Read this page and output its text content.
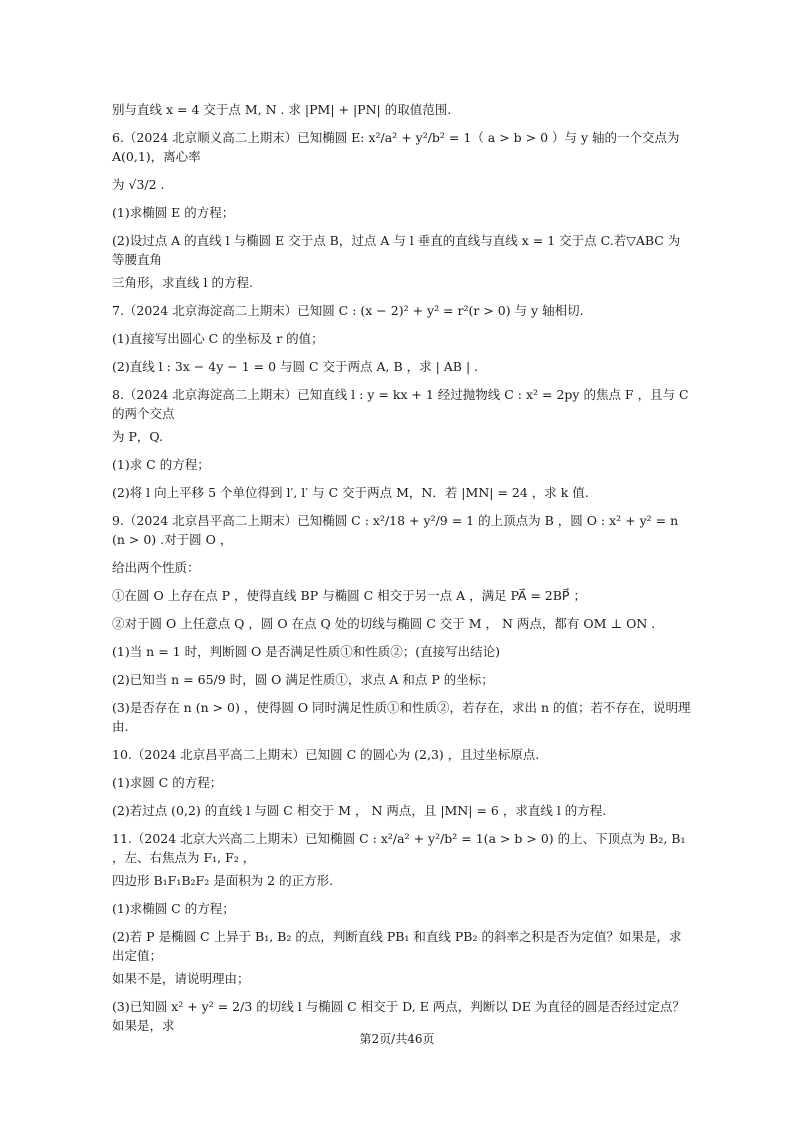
别与直线 x = 4 交于点 M, N . 求 |PM| + |PN| 的取值范围.

6.（2024 北京顺义高二上期末）已知椭圆 E: x²/a² + y²/b² = 1（ a > b > 0 ）与 y 轴的一个交点为 A(0,1)，离心率

为 √3/2 .

(1)求椭圆 E 的方程；

(2)设过点 A 的直线 l 与椭圆 E 交于点 B，过点 A 与 l 垂直的直线与直线 x = 1 交于点 C.若▽ABC 为等腰直角

三角形，求直线 l 的方程.

7.（2024 北京海淀高二上期末）已知圆 C : (x − 2)² + y² = r²(r > 0) 与 y 轴相切.

(1)直接写出圆心 C 的坐标及 r 的值；

(2)直线 l : 3x − 4y − 1 = 0 与圆 C 交于两点 A, B ，求 | AB | .

8.（2024 北京海淀高二上期末）已知直线 l : y = kx + 1 经过抛物线 C : x² = 2py 的焦点 F ，且与 C 的两个交点

为 P，Q.

(1)求 C 的方程；

(2)将 l 向上平移 5 个单位得到 l′, l′ 与 C 交于两点 M，N．若 |MN| = 24 ，求 k 值.

9.（2024 北京昌平高二上期末）已知椭圆 C : x²/18 + y²/9 = 1 的上顶点为 B ，圆 O : x² + y² = n (n > 0) .对于圆 O ，

给出两个性质：

①在圆 O 上存在点 P ，使得直线 BP 与椭圆 C 相交于另一点 A ，满足 PA⃗ = 2BP⃗ ；

②对于圆 O 上任意点 Q ，圆 O 在点 Q 处的切线与椭圆 C 交于 M ， N 两点，都有 OM ⊥ ON .

(1)当 n = 1 时，判断圆 O 是否满足性质①和性质②；(直接写出结论)

(2)已知当 n = 65/9 时，圆 O 满足性质①，求点 A 和点 P 的坐标；

(3)是否存在 n (n > 0) ，使得圆 O 同时满足性质①和性质②，若存在，求出 n 的值；若不存在，说明理由.

10.（2024 北京昌平高二上期末）已知圆 C 的圆心为 (2,3) ，且过坐标原点.

(1)求圆 C 的方程；

(2)若过点 (0,2) 的直线 l 与圆 C 相交于 M ， N 两点，且 |MN| = 6 ，求直线 l 的方程.

11.（2024 北京大兴高二上期末）已知椭圆 C : x²/a² + y²/b² = 1(a > b > 0) 的上、下顶点为 B₂, B₁ ，左、右焦点为 F₁, F₂ ，

四边形 B₁F₁B₂F₂ 是面积为 2 的正方形.

(1)求椭圆 C 的方程；

(2)若 P 是椭圆 C 上异于 B₁, B₂ 的点，判断直线 PB₁ 和直线 PB₂ 的斜率之积是否为定值？如果是，求出定值；

如果不是，请说明理由；

(3)已知圆 x² + y² = 2/3 的切线 l 与椭圆 C 相交于 D, E 两点，判断以 DE 为直径的圆是否经过定点？如果是，求

第2页/共46页
